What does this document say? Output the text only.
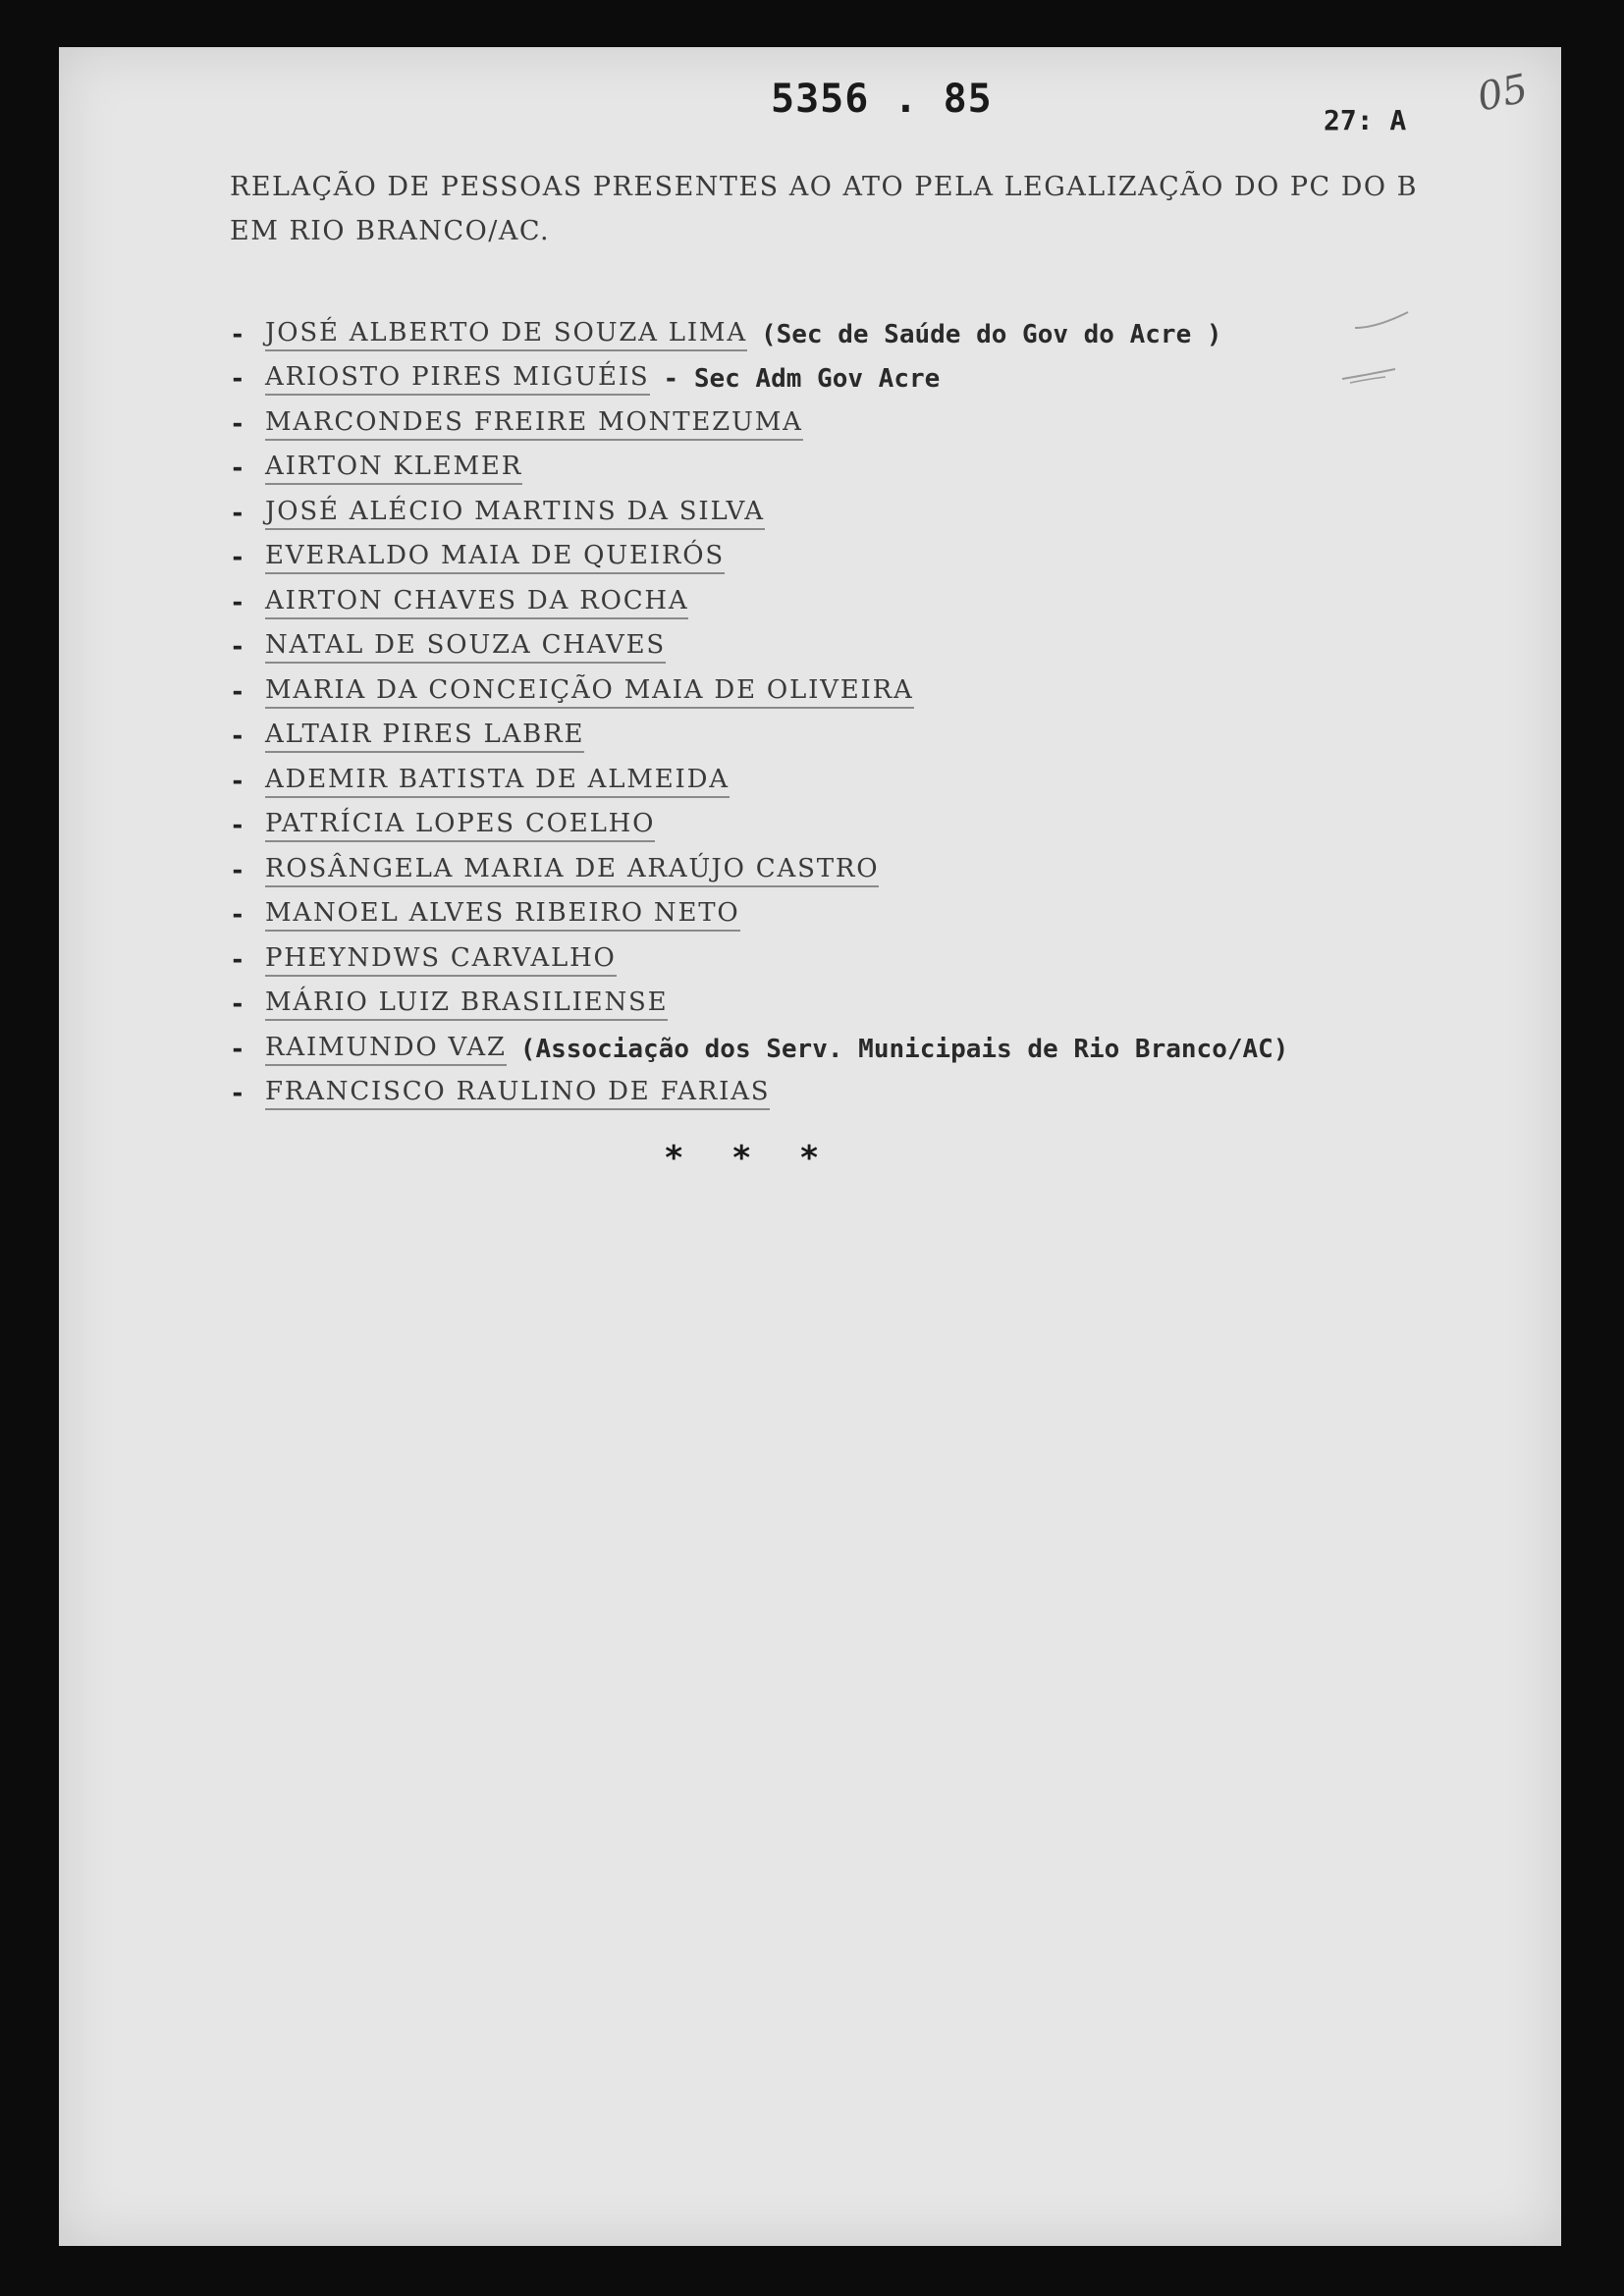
5356 . 85	27: A 05

RELAÇÃO DE PESSOAS PRESENTES AO ATO PELA LEGALIZAÇÃO DO PC DO B EM RIO BRANCO/AC.

- JOSÉ ALBERTO DE SOUZA LIMA (Sec de Saúde do Gov do Acre )
- ARIOSTO PIRES MIGUÉIS - Sec Adm Gov Acre
- MARCONDES FREIRE MONTEZUMA
- AIRTON KLEMER
- JOSÉ ALÉCIO MARTINS DA SILVA
- EVERALDO MAIA DE QUEIRÓS
- AIRTON CHAVES DA ROCHA
- NATAL DE SOUZA CHAVES
- MARIA DA CONCEIÇÃO MAIA DE OLIVEIRA
- ALTAIR PIRES LABRE
- ADEMIR BATISTA DE ALMEIDA
- PATRÍCIA LOPES COELHO
- ROSÂNGELA MARIA DE ARAÚJO CASTRO
- MANOEL ALVES RIBEIRO NETO
- PHEYNDWS CARVALHO
- MÁRIO LUIZ BRASILIENSE
- RAIMUNDO VAZ (Associação dos Serv. Municipais de Rio Branco/AC)
- FRANCISCO RAULINO DE FARIAS
* * *
